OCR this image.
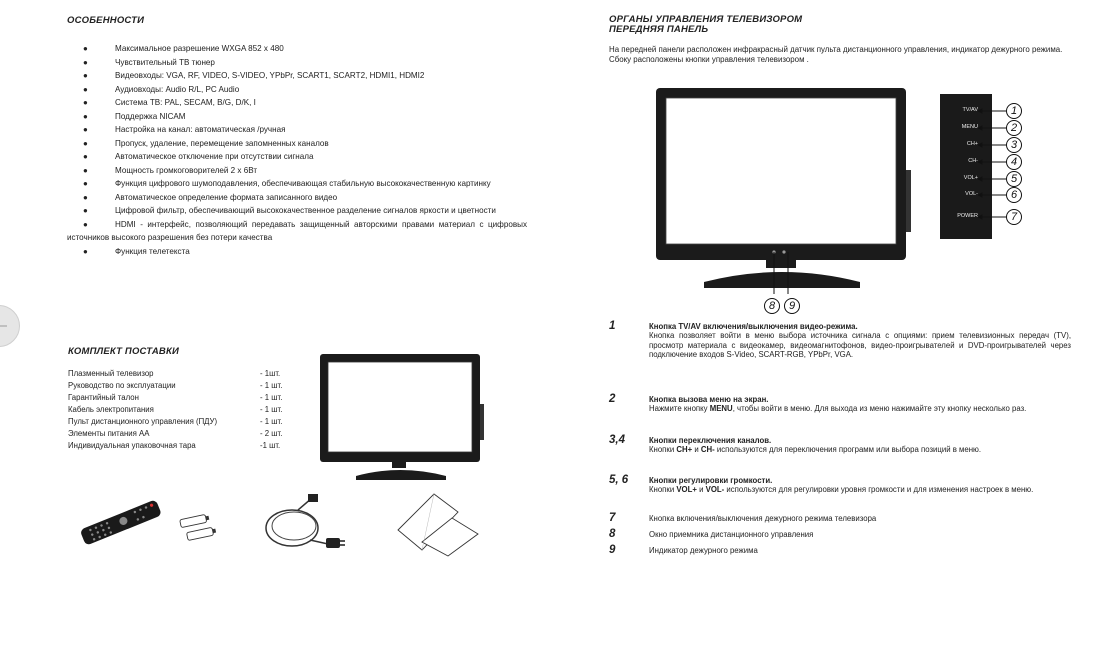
ОСОБЕННОСТИ
●	Максимальное разрешение WXGA 852 x 480
●	Чувствительный ТВ тюнер
●	Видеовходы: VGA, RF, VIDEO, S-VIDEO, YPbPr, SCART1, SCART2, HDMI1, HDMI2
●	Аудиовходы: Audio R/L, PC Audio
●	Система ТВ: PAL, SECAM, B/G, D/K, I
●	Поддержка NICAM
●	Настройка на канал: автоматическая /ручная
●	Пропуск, удаление, перемещение запомненных каналов
●	Автоматическое отключение при отсутствии сигнала
●	Мощность громкоговорителей 2 x 6Вт
●	Функция цифрового шумоподавления, обеспечивающая стабильную высококачественную картинку
●	Автоматическое определение формата записанного видео
●	Цифровой фильтр, обеспечивающий высококачественное разделение сигналов яркости и цветности
●	HDMI - интерфейс, позволяющий передавать защищенный авторскими правами материал с цифровых источников высокого разрешения без потери качества
●	Функция телетекста
КОМПЛЕКТ ПОСТАВКИ
Плазменный телевизор	- 1шт.
Руководство по эксплуатации	- 1 шт.
Гарантийный талон	- 1 шт.
Кабель электропитания	- 1 шт.
Пульт дистанционного управления (ПДУ)	- 1 шт.
Элементы питания АА	- 2 шт.
Индивидуальная упаковочная тара	-1 шт.
ОРГАНЫ УПРАВЛЕНИЯ ТЕЛЕВИЗОРОМ
ПЕРЕДНЯЯ ПАНЕЛЬ
На передней панели расположен инфракрасный датчик пульта дистанционного управления, индикатор дежурного режима.
Сбоку расположены кнопки управления телевизором .
8	9
TV/AV
MENU
CH+
CH-
VOL+
VOL-
POWER
1
2
3
4
5
6
7
1	Кнопка TV/AV включения/выключения видео-режима.
Кнопка позволяет войти в меню выбора источника сигнала с опциями: прием телевизионных передач (TV), просмотр материала с видеокамер, видеомагнитофонов, видео-проигрывателей и DVD-проигрывателей через подключение входов S-Video, SCART-RGB, YPbPr, VGA.
2	Кнопка вызова меню на экран.
Нажмите кнопку MENU, чтобы войти в меню. Для выхода из меню нажимайте эту кнопку несколько раз.
3,4	Кнопки переключения каналов.
Кнопки CH+ и CH- используются для переключения программ или выбора позиций в меню.
5, 6	Кнопки регулировки громкости.
Кнопки VOL+ и VOL- используются для регулировки уровня громкости и для изменения настроек в меню.
7	Кнопка включения/выключения дежурного режима телевизора
8	Окно приемника дистанционного управления
9	Индикатор дежурного режима
